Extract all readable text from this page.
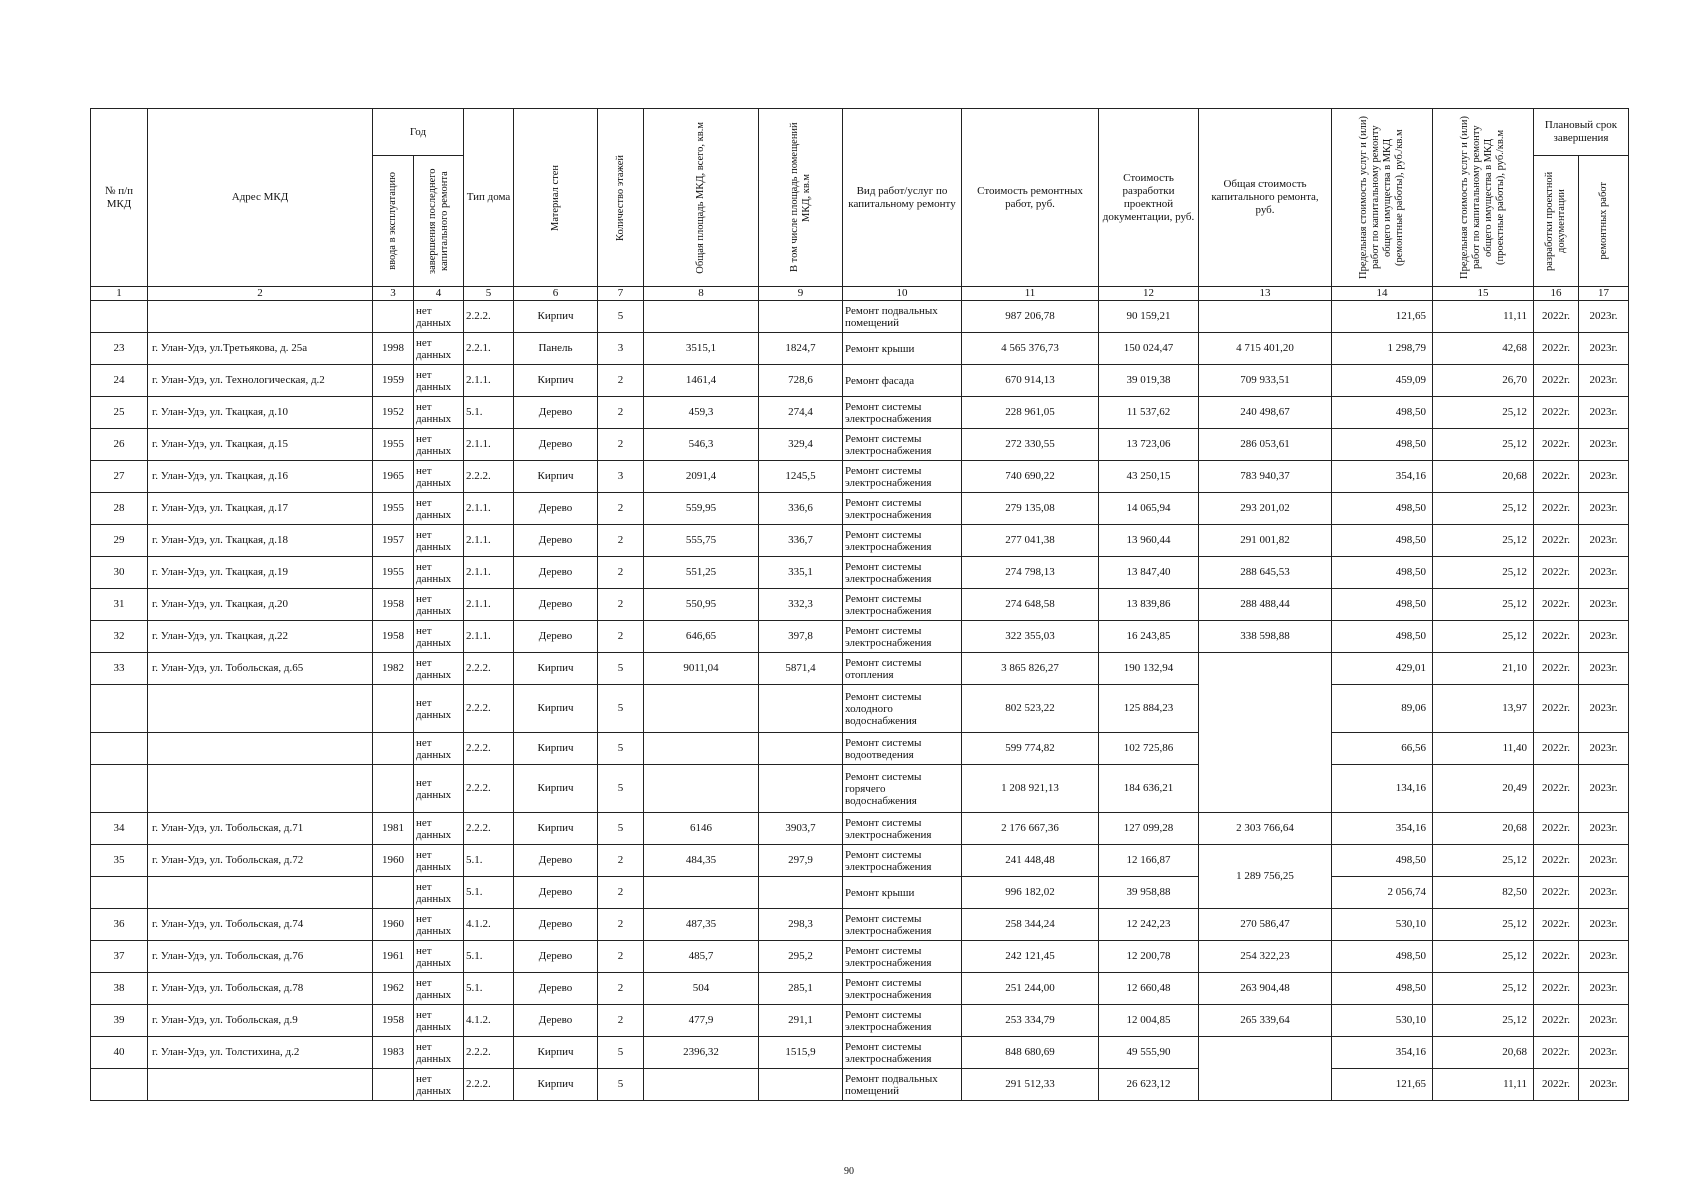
№ п/п МКД	Адрес МКД	Год		Тип дома	Материал стен	Количество этажей	Общая площадь МКД, всего, кв.м	В том числе площадь помещений МКД, кв.м	Вид работ/услуг по капитальному ремонту	Стоимость ремонтных работ, руб.	Стоимость разработки проектной документации, руб.	Общая стоимость капитального ремонта, руб.	Предельная стоимость услуг и (или) работ по капитальному ремонту общего имущества в МКД (ремонтные работы), руб./кв.м	Предельная стоимость услуг и (или) работ по капитальному ремонту общего имущества в МКД (проектные работы), руб./кв.м	Плановый срок завершения	

		ввода в эксплуатацию	завершения последнего капитального ремонта												разработки проектной документации	ремонтных работ

1	2	3	4	5	6	7	8	9	10	11	12	13	14	15	16	17
			нет данных	2.2.2.	Кирпич	5			Ремонт подвальных помещений	987 206,78	90 159,21		121,65	11,11	2022г.	2023г.
23	г. Улан-Удэ, ул.Третьякова, д. 25а	1998	нет данных	2.2.1.	Панель	3	3515,1	1824,7	Ремонт крыши	4 565 376,73	150 024,47	4 715 401,20	1 298,79	42,68	2022г.	2023г.
24	г. Улан-Удэ, ул. Технологическая, д.2	1959	нет данных	2.1.1.	Кирпич	2	1461,4	728,6	Ремонт фасада	670 914,13	39 019,38	709 933,51	459,09	26,70	2022г.	2023г.
25	г. Улан-Удэ, ул. Ткацкая, д.10	1952	нет данных	5.1.	Дерево	2	459,3	274,4	Ремонт системы электроснабжения	228 961,05	11 537,62	240 498,67	498,50	25,12	2022г.	2023г.
26	г. Улан-Удэ, ул. Ткацкая, д.15	1955	нет данных	2.1.1.	Дерево	2	546,3	329,4	Ремонт системы электроснабжения	272 330,55	13 723,06	286 053,61	498,50	25,12	2022г.	2023г.
27	г. Улан-Удэ, ул. Ткацкая, д.16	1965	нет данных	2.2.2.	Кирпич	3	2091,4	1245,5	Ремонт системы электроснабжения	740 690,22	43 250,15	783 940,37	354,16	20,68	2022г.	2023г.
28	г. Улан-Удэ, ул. Ткацкая, д.17	1955	нет данных	2.1.1.	Дерево	2	559,95	336,6	Ремонт системы электроснабжения	279 135,08	14 065,94	293 201,02	498,50	25,12	2022г.	2023г.
29	г. Улан-Удэ, ул. Ткацкая, д.18	1957	нет данных	2.1.1.	Дерево	2	555,75	336,7	Ремонт системы электроснабжения	277 041,38	13 960,44	291 001,82	498,50	25,12	2022г.	2023г.
30	г. Улан-Удэ, ул. Ткацкая, д.19	1955	нет данных	2.1.1.	Дерево	2	551,25	335,1	Ремонт системы электроснабжения	274 798,13	13 847,40	288 645,53	498,50	25,12	2022г.	2023г.
31	г. Улан-Удэ, ул. Ткацкая, д.20	1958	нет данных	2.1.1.	Дерево	2	550,95	332,3	Ремонт системы электроснабжения	274 648,58	13 839,86	288 488,44	498,50	25,12	2022г.	2023г.
32	г. Улан-Удэ, ул. Ткацкая, д.22	1958	нет данных	2.1.1.	Дерево	2	646,65	397,8	Ремонт системы электроснабжения	322 355,03	16 243,85	338 598,88	498,50	25,12	2022г.	2023г.
33	г. Улан-Удэ, ул. Тобольская, д.65	1982	нет данных	2.2.2.	Кирпич	5	9011,04	5871,4	Ремонт системы отопления	3 865 826,27	190 132,94		429,01	21,10	2022г.	2023г.
			нет данных	2.2.2.	Кирпич	5			Ремонт системы холодного водоснабжения	802 523,22	125 884,23		89,06	13,97	2022г.	2023г.
			нет данных	2.2.2.	Кирпич	5			Ремонт системы водоотведения	599 774,82	102 725,86		66,56	11,40	2022г.	2023г.
			нет данных	2.2.2.	Кирпич	5			Ремонт системы горячего водоснабжения	1 208 921,13	184 636,21		134,16	20,49	2022г.	2023г.
34	г. Улан-Удэ, ул. Тобольская, д.71	1981	нет данных	2.2.2.	Кирпич	5	6146	3903,7	Ремонт системы электроснабжения	2 176 667,36	127 099,28	2 303 766,64	354,16	20,68	2022г.	2023г.
35	г. Улан-Удэ, ул. Тобольская, д.72	1960	нет данных	5.1.	Дерево	2	484,35	297,9	Ремонт системы электроснабжения	241 448,48	12 166,87	1 289 756,25	498,50	25,12	2022г.	2023г.
			нет данных	5.1.	Дерево	2			Ремонт крыши	996 182,02	39 958,88		2 056,74	82,50	2022г.	2023г.
36	г. Улан-Удэ, ул. Тобольская, д.74	1960	нет данных	4.1.2.	Дерево	2	487,35	298,3	Ремонт системы электроснабжения	258 344,24	12 242,23	270 586,47	530,10	25,12	2022г.	2023г.
37	г. Улан-Удэ, ул. Тобольская, д.76	1961	нет данных	5.1.	Дерево	2	485,7	295,2	Ремонт системы электроснабжения	242 121,45	12 200,78	254 322,23	498,50	25,12	2022г.	2023г.
38	г. Улан-Удэ, ул. Тобольская, д.78	1962	нет данных	5.1.	Дерево	2	504	285,1	Ремонт системы электроснабжения	251 244,00	12 660,48	263 904,48	498,50	25,12	2022г.	2023г.
39	г. Улан-Удэ, ул. Тобольская, д.9	1958	нет данных	4.1.2.	Дерево	2	477,9	291,1	Ремонт системы электроснабжения	253 334,79	12 004,85	265 339,64	530,10	25,12	2022г.	2023г.
40	г. Улан-Удэ, ул. Толстихина, д.2	1983	нет данных	2.2.2.	Кирпич	5	2396,32	1515,9	Ремонт системы электроснабжения	848 680,69	49 555,90		354,16	20,68	2022г.	2023г.
			нет данных	2.2.2.	Кирпич	5			Ремонт подвальных помещений	291 512,33	26 623,12		121,65	11,11	2022г.	2023г.
90
